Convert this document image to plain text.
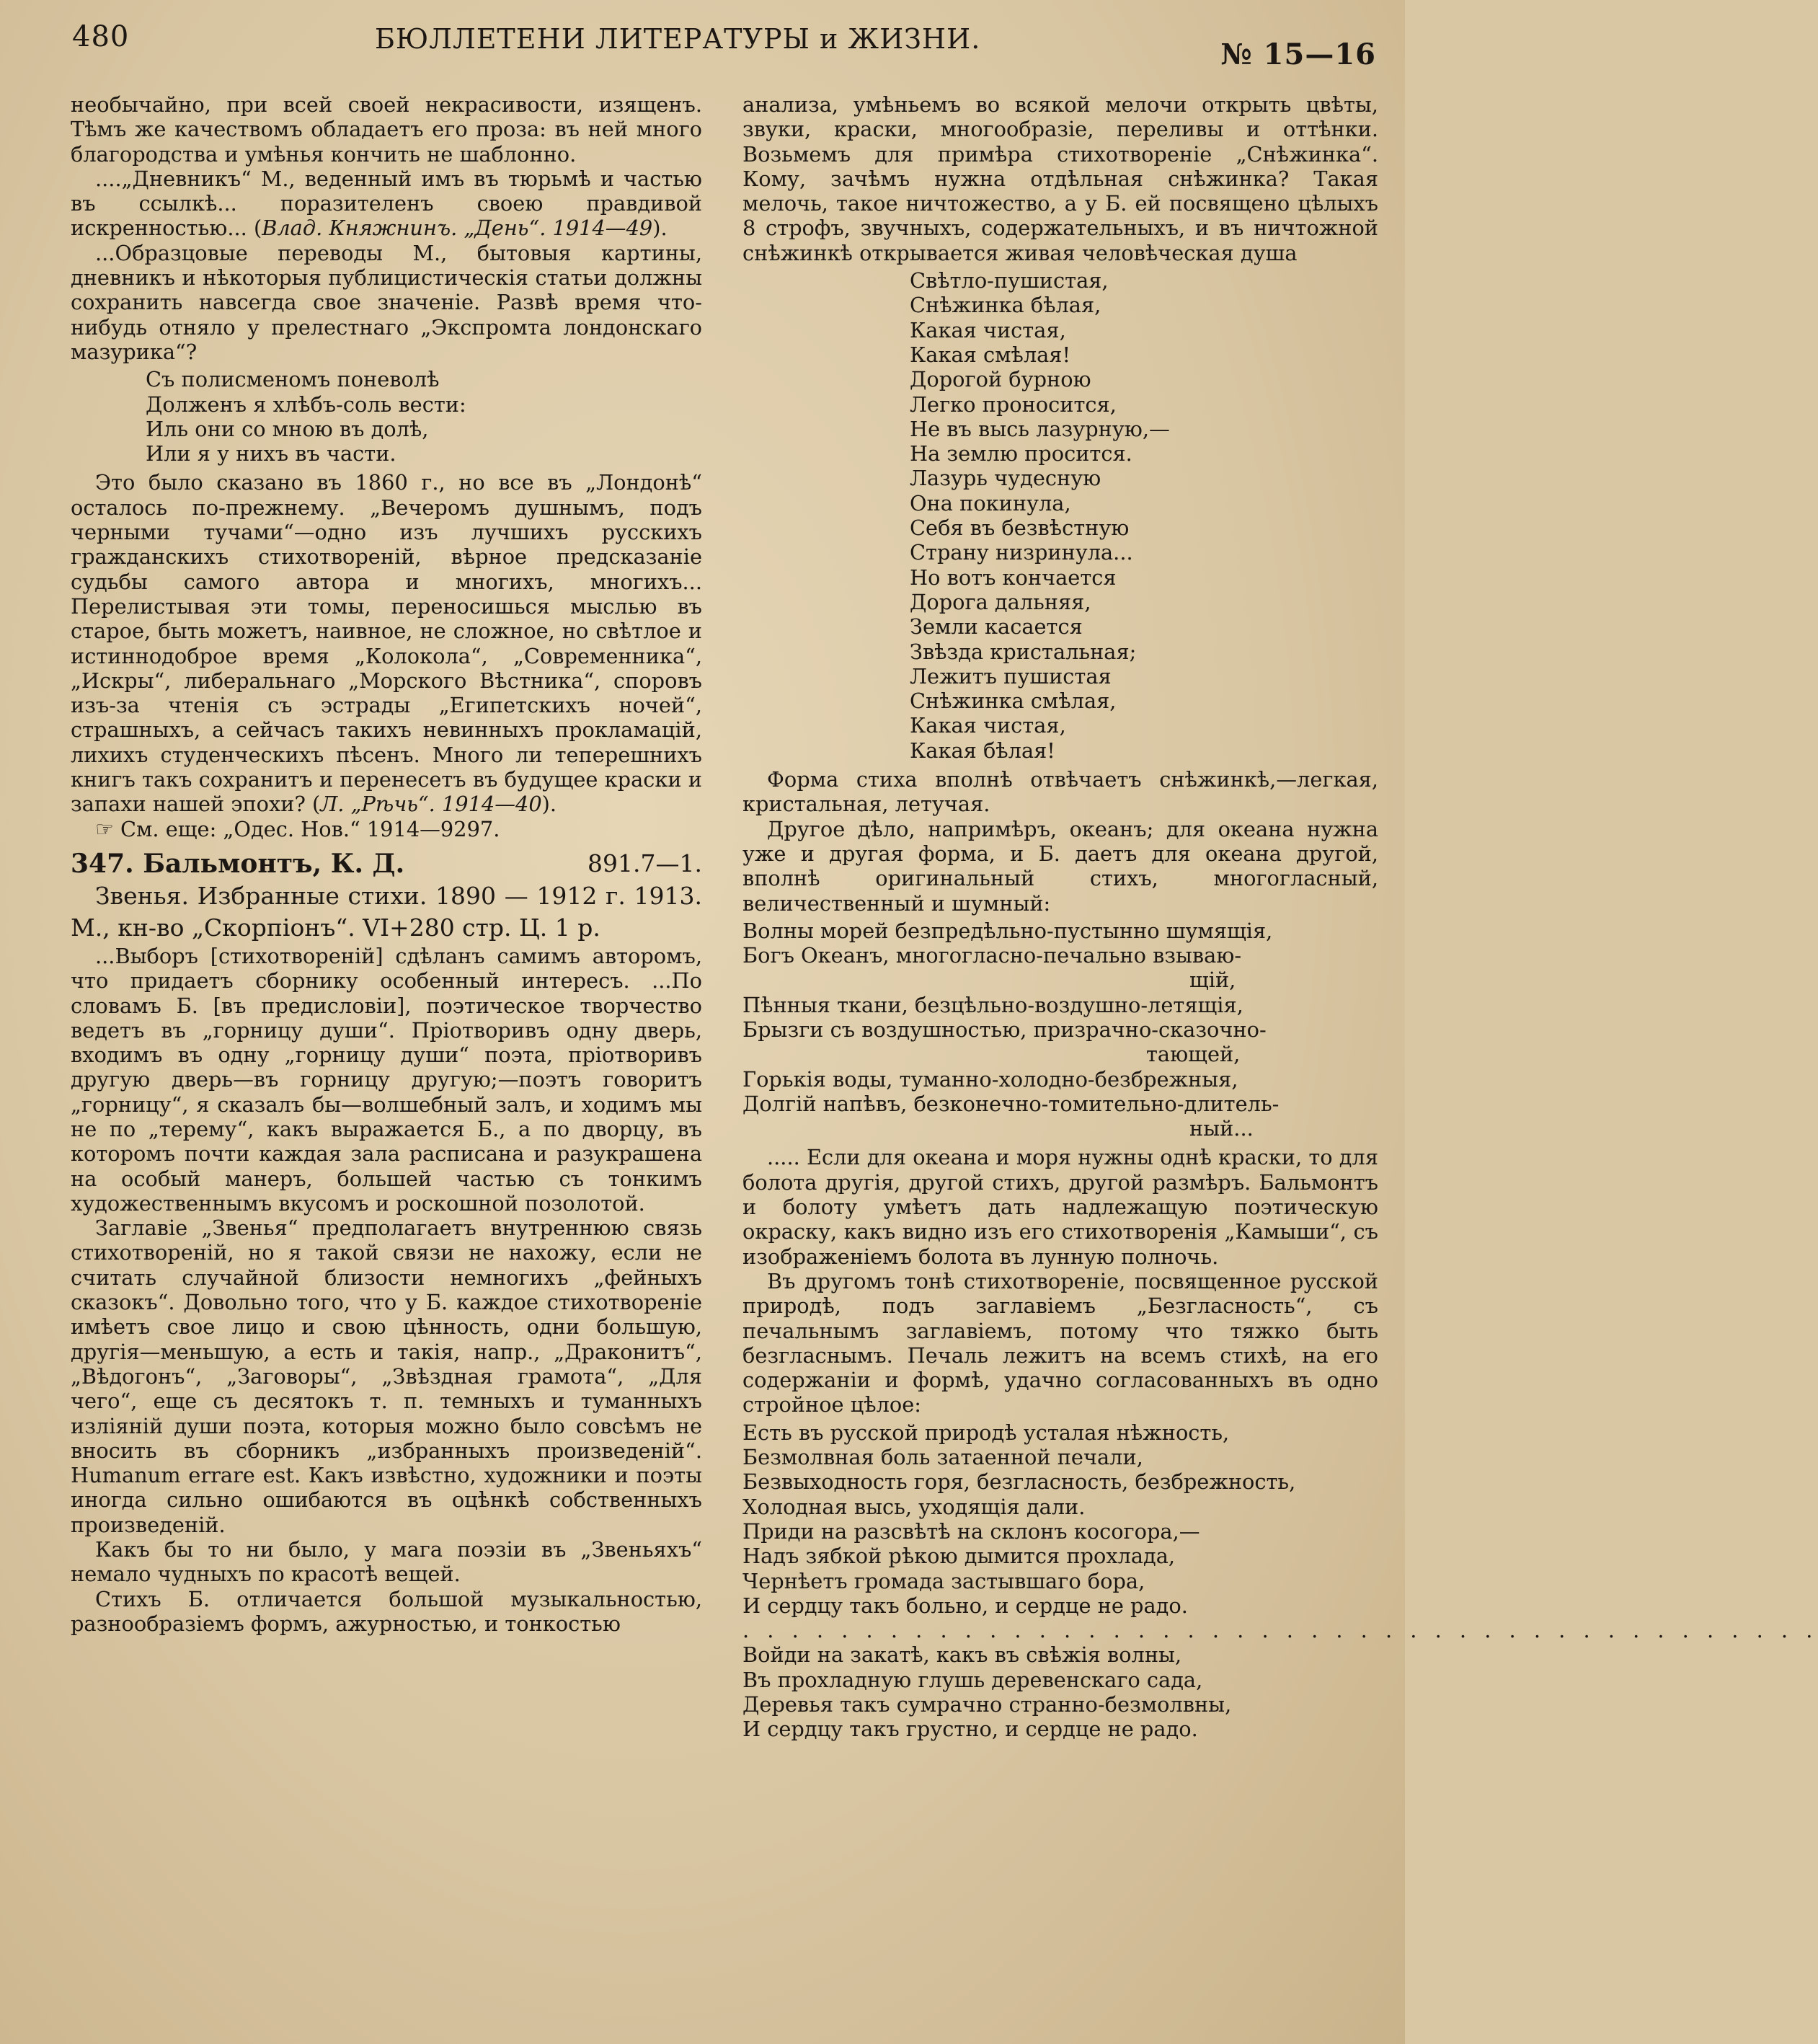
480	БЮЛЛЕТЕНИ ЛИТЕРАТУРЫ и ЖИЗНИ.	№ 15—16

необычайно, при всей своей некрасивости, изященъ. Тѣмъ же качествомъ обладаетъ его проза: въ ней много благородства и умѣнья кончить не шаблонно.

....„Дневникъ“ М., веденный имъ въ тюрьмѣ и частью въ ссылкѣ... поразителенъ своею правдивой искренностью... (Влад. Княжнинъ. „День“. 1914—49).

...Образцовые переводы М., бытовыя картины, дневникъ и нѣкоторыя публицистическія статьи должны сохранить навсегда свое значеніе. Развѣ время что-нибудь отняло у прелестнаго „Экспромта лондонскаго мазурика“?

Съ полисменомъ поневолѣ
Долженъ я хлѣбъ-соль вести:
Иль они со мною въ долѣ,
Или я у нихъ въ части.

Это было сказано въ 1860 г., но все въ „Лондонѣ“ осталось по-прежнему. „Вечеромъ душнымъ, подъ черными тучами“—одно изъ лучшихъ русскихъ гражданскихъ стихотвореній, вѣрное предсказаніе судьбы самого автора и многихъ, многихъ... Перелистывая эти томы, переносишься мыслью въ старое, быть можетъ, наивное, не сложное, но свѣтлое и истиннодоброе время „Колокола“, „Современника“, „Искры“, либеральнаго „Морского Вѣстника“, споровъ изъ-за чтенія съ эстрады „Египетскихъ ночей“, страшныхъ, а сейчасъ такихъ невинныхъ прокламацій, лихихъ студенческихъ пѣсенъ. Много ли теперешнихъ книгъ такъ сохранитъ и перенесетъ въ будущее краски и запахи нашей эпохи? (Л. „Рѣчь“. 1914—40).

☞ См. еще: „Одес. Нов.“ 1914—9297.

347. Бальмонтъ, К. Д.	891.7—1.

Звенья. Избранные стихи. 1890 — 1912 г. 1913. М., кн-во „Скорпіонъ“. VI+280 стр. Ц. 1 р.

...Выборъ [стихотвореній] сдѣланъ самимъ авторомъ, что придаетъ сборнику особенный интересъ. ...По словамъ Б. [въ предисловіи], поэтическое творчество ведетъ въ „горницу души“. Пріотворивъ одну дверь, входимъ въ одну „горницу души“ поэта, пріотворивъ другую дверь—въ горницу другую;—поэтъ говоритъ „горницу“, я сказалъ бы—волшебный залъ, и ходимъ мы не по „терему“, какъ выражается Б., а по дворцу, въ которомъ почти каждая зала расписана и разукрашена на особый манеръ, большей частью съ тонкимъ художественнымъ вкусомъ и роскошной позолотой.

Заглавіе „Звенья“ предполагаетъ внутреннюю связь стихотвореній, но я такой связи не нахожу, если не считать случайной близости немногихъ „фейныхъ сказокъ“. Довольно того, что у Б. каждое стихотвореніе имѣетъ свое лицо и свою цѣнность, одни большую, другія—меньшую, а есть и такія, напр., „Драконитъ“, „Вѣдогонъ“, „Заговоры“, „Звѣздная грамота“, „Для чего“, еще съ десятокъ т. п. темныхъ и туманныхъ изліяній души поэта, которыя можно было совсѣмъ не вносить въ сборникъ „избранныхъ произведеній“. Humanum errare est. Какъ извѣстно, художники и поэты иногда сильно ошибаются въ оцѣнкѣ собственныхъ произведеній.

Какъ бы то ни было, у мага поэзіи въ „Звеньяхъ“ немало чудныхъ по красотѣ вещей.

Стихъ Б. отличается большой музыкальностью, разнообразіемъ формъ, ажурностью, и тонкостью

анализа, умѣньемъ во всякой мелочи открыть цвѣты, звуки, краски, многообразіе, переливы и оттѣнки. Возьмемъ для примѣра стихотвореніе „Снѣжинка“. Кому, зачѣмъ нужна отдѣльная снѣжинка? Такая мелочь, такое ничтожество, а у Б. ей посвящено цѣлыхъ 8 строфъ, звучныхъ, содержательныхъ, и въ ничтожной снѣжинкѣ открывается живая человѣческая душа

Свѣтло-пушистая,
Снѣжинка бѣлая,
Какая чистая,
Какая смѣлая!
Дорогой бурною
Легко проносится,
Не въ высь лазурную,—
На землю просится.
Лазурь чудесную
Она покинула,
Себя въ безвѣстную
Страну низринула...
Но вотъ кончается
Дорога дальняя,
Земли касается
Звѣзда кристальная;
Лежитъ пушистая
Снѣжинка смѣлая,
Какая чистая,
Какая бѣлая!

Форма стиха вполнѣ отвѣчаетъ снѣжинкѣ,—легкая, кристальная, летучая.

Другое дѣло, напримѣръ, океанъ; для океана нужна уже и другая форма, и Б. даетъ для океана другой, вполнѣ оригинальный стихъ, многогласный, величественный и шумный:

Волны морей безпредѣльно-пустынно шумящія,
Богъ Океанъ, многогласно-печально взываю-
щій,
Пѣнныя ткани, безцѣльно-воздушно-летящія,
Брызги съ воздушностью, призрачно-сказочно-
тающей,
Горькія воды, туманно-холодно-безбрежныя,
Долгій напѣвъ, безконечно-томительно-длитель-
ный...

..... Если для океана и моря нужны однѣ краски, то для болота другія, другой стихъ, другой размѣръ. Бальмонтъ и болоту умѣетъ дать надлежащую поэтическую окраску, какъ видно изъ его стихотворенія „Камыши“, съ изображеніемъ болота въ лунную полночь.

Въ другомъ тонѣ стихотвореніе, посвященное русской природѣ, подъ заглавіемъ „Безгласность“, съ печальнымъ заглавіемъ, потому что тяжко быть безгласнымъ. Печаль лежитъ на всемъ стихѣ, на его содержаніи и формѣ, удачно согласованныхъ въ одно стройное цѣлое:

Есть въ русской природѣ усталая нѣжность,
Безмолвная боль затаенной печали,
Безвыходность горя, безгласность, безбрежность,
Холодная высь, уходящія дали.
Приди на разсвѣтѣ на склонъ косогора,—
Надъ зябкой рѣкою дымится прохлада,
Чернѣетъ громада застывшаго бора,
И сердцу такъ больно, и сердце не радо.
. . . . . . . . . . . . . . . . . . . . . . . . . . . . . . . . . . . . . . . . . . . .
Войди на закатѣ, какъ въ свѣжія волны,
Въ прохладную глушь деревенскаго сада,
Деревья такъ сумрачно странно-безмолвны,
И сердцу такъ грустно, и сердце не радо.
